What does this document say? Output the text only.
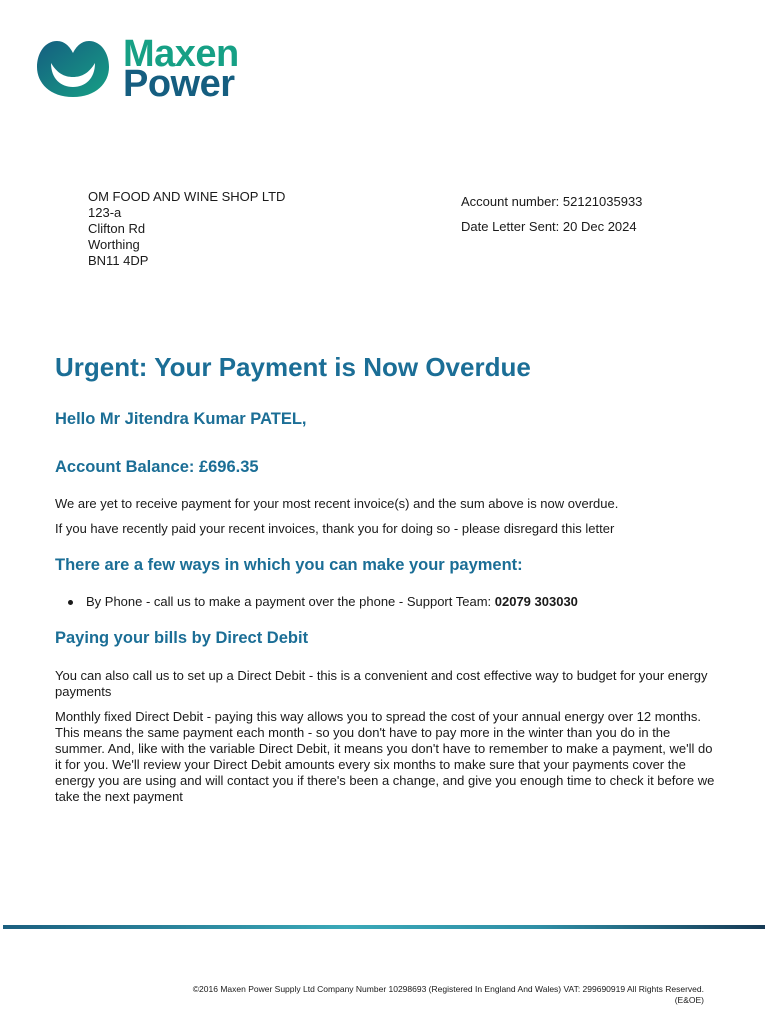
Maxen
Power
OM FOOD AND WINE SHOP LTD
123-a
Clifton Rd
Worthing
BN11 4DP
Account number: 52121035933
Date Letter Sent: 20 Dec 2024
Urgent: Your Payment is Now Overdue
Hello Mr Jitendra Kumar PATEL,
Account Balance: £696.35

We are yet to receive payment for your most recent invoice(s) and the sum above is now overdue.

If you have recently paid your recent invoices, thank you for doing so - please disregard this letter

There are a few ways in which you can make your payment:
By Phone - call us to make a payment over the phone - Support Team: 02079 303030
Paying your bills by Direct Debit

You can also call us to set up a Direct Debit - this is a convenient and cost effective way to budget for your energy payments

Monthly fixed Direct Debit - paying this way allows you to spread the cost of your annual energy over 12 months. This means the same payment each month - so you don't have to pay more in the winter than you do in the summer. And, like with the variable Direct Debit, it means you don't have to remember to make a payment, we'll do it for you. We'll review your Direct Debit amounts every six months to make sure that your payments cover the energy you are using and will contact you if there's been a change, and give you enough time to check it before we take the next payment

©2016 Maxen Power Supply Ltd Company Number 10298693 (Registered In England And Wales) VAT: 299690919 All Rights Reserved.
(E&OE)
